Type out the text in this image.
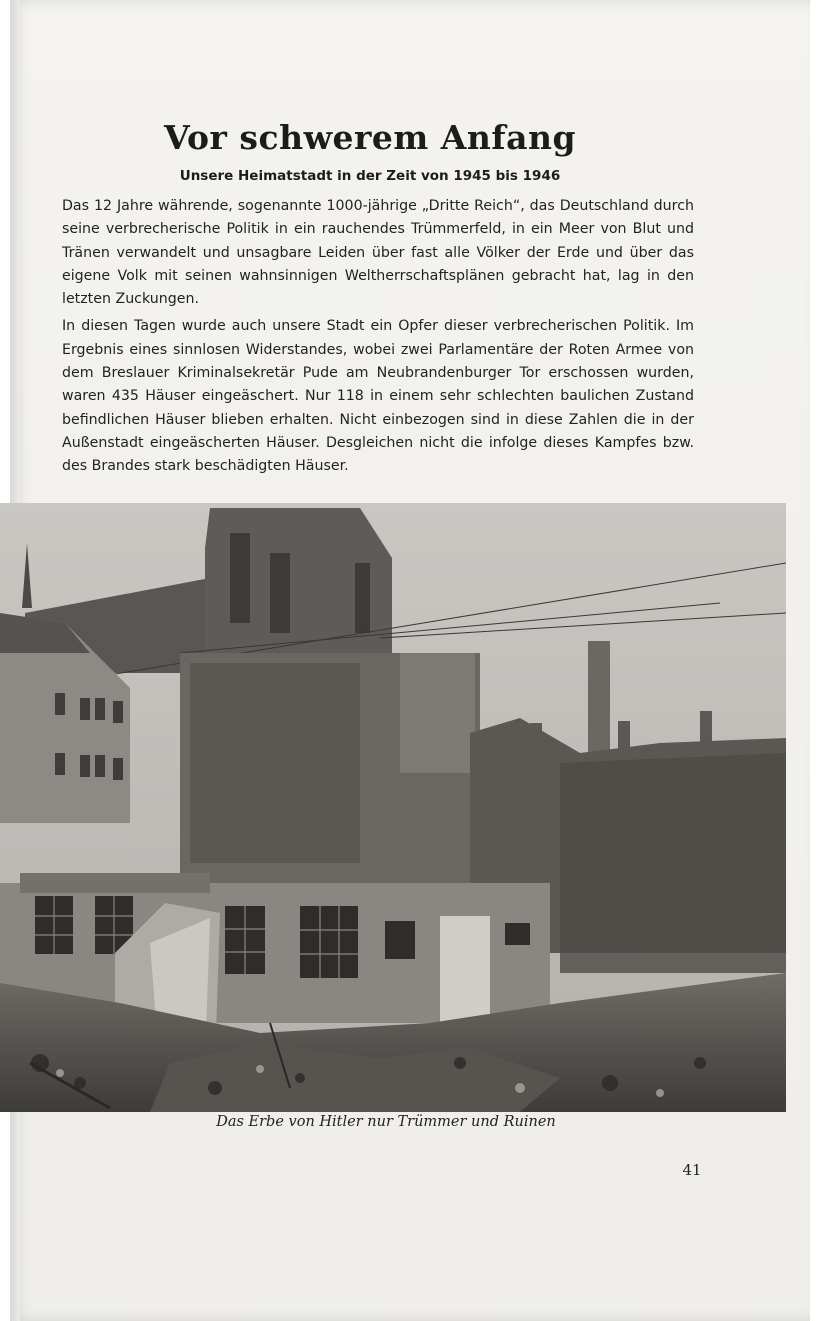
Vor schwerem Anfang
Unsere Heimatstadt in der Zeit von 1945 bis 1946

Das 12 Jahre währende, sogenannte 1000-jährige „Dritte Reich“, das Deutschland durch seine verbrecherische Politik in ein rauchendes Trümmerfeld, in ein Meer von Blut und Tränen verwandelt und unsagbare Leiden über fast alle Völker der Erde und über das eigene Volk mit seinen wahnsinnigen Weltherrschaftsplänen gebracht hat, lag in den letzten Zuckungen.

In diesen Tagen wurde auch unsere Stadt ein Opfer dieser verbrecherischen Politik. Im Ergebnis eines sinnlosen Widerstandes, wobei zwei Parlamentäre der Roten Armee von dem Breslauer Kriminalsekretär Pude am Neubrandenburger Tor erschossen wurden, waren 435 Häuser eingeäschert. Nur 118 in einem sehr schlechten baulichen Zustand befindlichen Häuser blieben erhalten. Nicht einbezogen sind in diese Zahlen die in der Außenstadt eingeäscherten Häuser. Desgleichen nicht die infolge dieses Kampfes bzw. des Brandes stark beschädigten Häuser.

Das Erbe von Hitler nur Trümmer und Ruinen
41
